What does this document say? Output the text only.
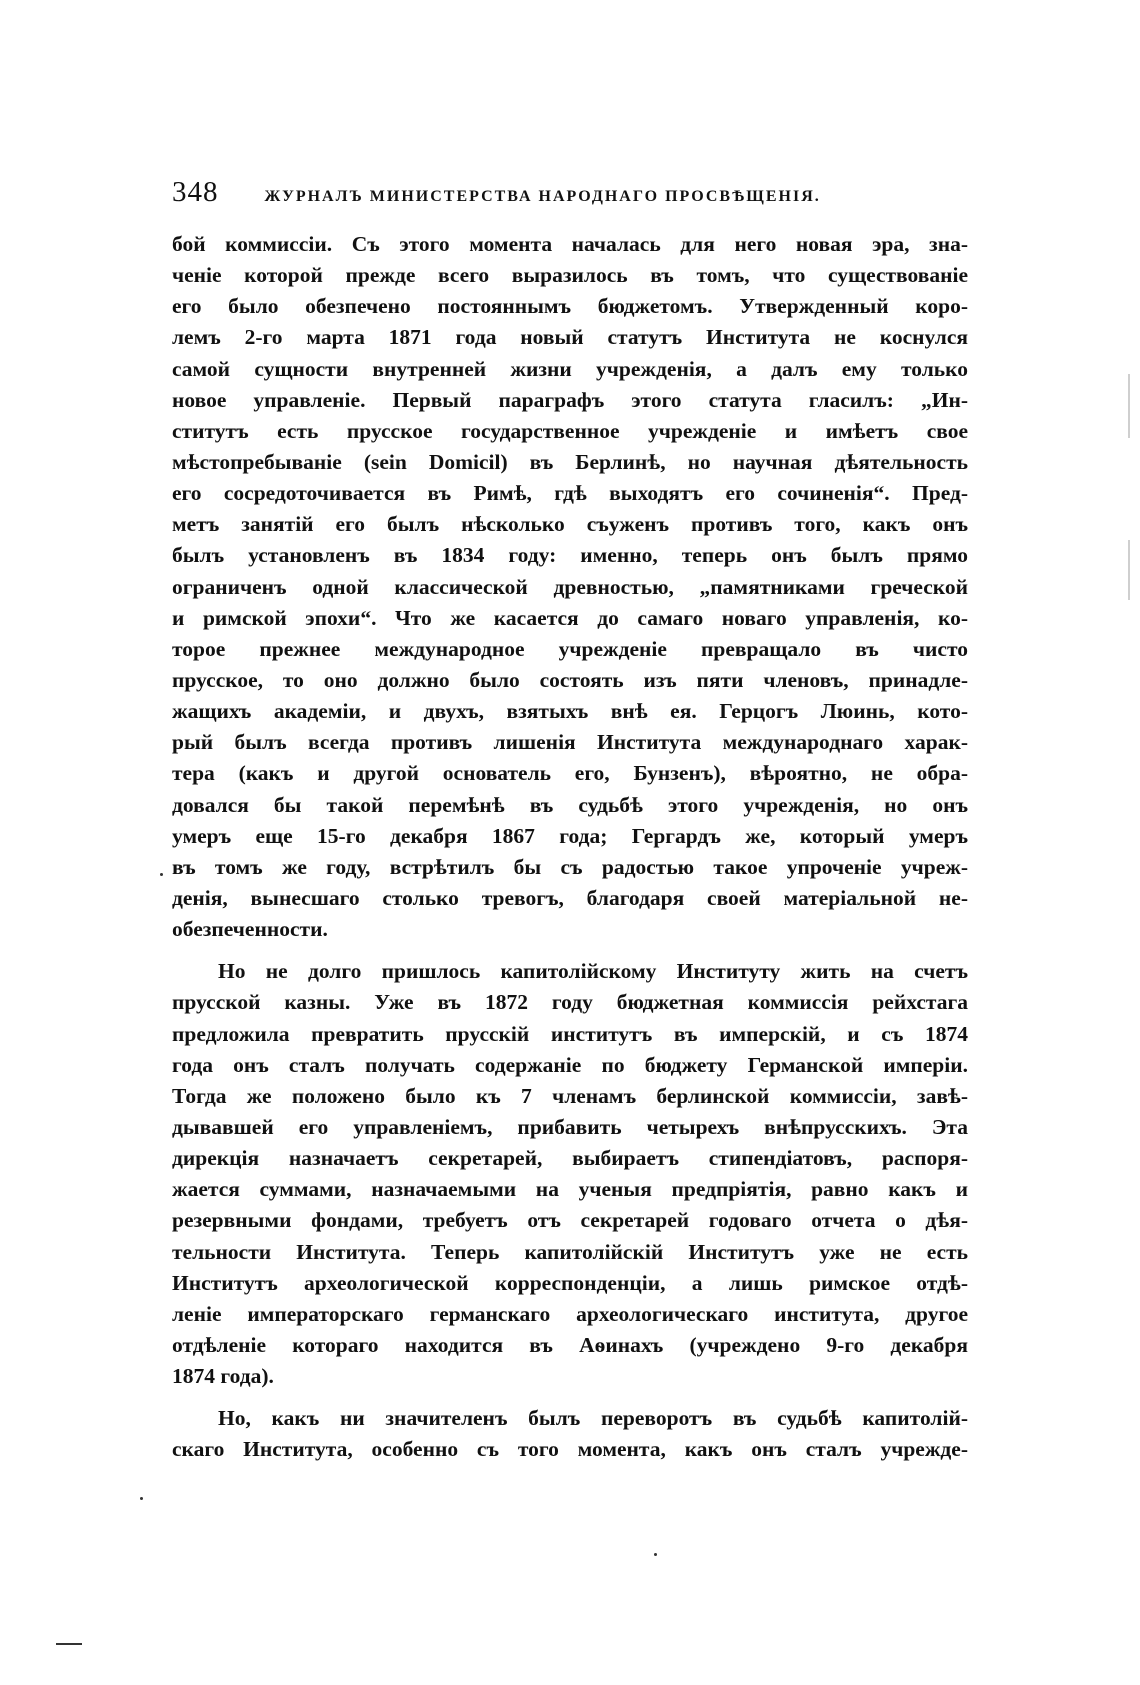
348	ЖУРНАЛЪ МИНИСТЕРСТВА НАРОДНАГО ПРОСВѢЩЕНІЯ.
бой коммиссіи. Съ этого момента началась для него новая эра, зна-
ченіе которой прежде всего выразилось въ томъ, что существованіе
его было обезпечено постояннымъ бюджетомъ. Утвержденный коро-
лемъ 2-го марта 1871 года новый статутъ Института не коснулся
самой сущности внутренней жизни учрежденія, а далъ ему только
новое управленіе. Первый параграфъ этого статута гласилъ: „Ин-
ститутъ есть прусское государственное учрежденіе и имѣетъ свое
мѣстопребываніе (sein Domicil) въ Берлинѣ, но научная дѣятельность
его сосредоточивается въ Римѣ, гдѣ выходятъ его сочиненія“. Пред-
метъ занятій его былъ нѣсколько съуженъ противъ того, какъ онъ
былъ установленъ въ 1834 году: именно, теперь онъ былъ прямо
ограниченъ одной классической древностью, „памятниками греческой
и римской эпохи“. Что же касается до самаго новаго управленія, ко-
торое прежнее международное учрежденіе превращало въ чисто
прусское, то оно должно было состоять изъ пяти членовъ, принадле-
жащихъ академіи, и двухъ, взятыхъ внѣ ея. Герцогъ Люинь, кото-
рый былъ всегда противъ лишенія Института международнаго харак-
тера (какъ и другой основатель его, Бунзенъ), вѣроятно, не обра-
довался бы такой перемѣнѣ въ судьбѣ этого учрежденія, но онъ
умеръ еще 15-го декабря 1867 года; Гергардъ же, который умеръ
въ томъ же году, встрѣтилъ бы съ радостью такое упроченіе учреж-
денія, вынесшаго столько тревогъ, благодаря своей матеріальной не-
обезпеченности.
Но не долго пришлось капитолійскому Институту жить на счетъ
прусской казны. Уже въ 1872 году бюджетная коммиссія рейхстага
предложила превратить прусскій институтъ въ имперскій, и съ 1874
года онъ сталъ получать содержаніе по бюджету Германской имперіи.
Тогда же положено было къ 7 членамъ берлинской коммиссіи, завѣ-
дывавшей его управленіемъ, прибавить четырехъ внѣпрусскихъ. Эта
дирекція назначаетъ секретарей, выбираетъ стипендіатовъ, распоря-
жается суммами, назначаемыми на ученыя предпріятія, равно какъ и
резервными фондами, требуетъ отъ секретарей годоваго отчета о дѣя-
тельности Института. Теперь капитолійскій Институтъ уже не есть
Институтъ археологической корреспонденціи, а лишь римское отдѣ-
леніе императорскаго германскаго археологическаго института, другое
отдѣленіе котораго находится въ Аѳинахъ (учреждено 9-го декабря
1874 года).
Но, какъ ни значителенъ былъ переворотъ въ судьбѣ капитолій-
скаго Института, особенно съ того момента, какъ онъ сталъ учрежде-
